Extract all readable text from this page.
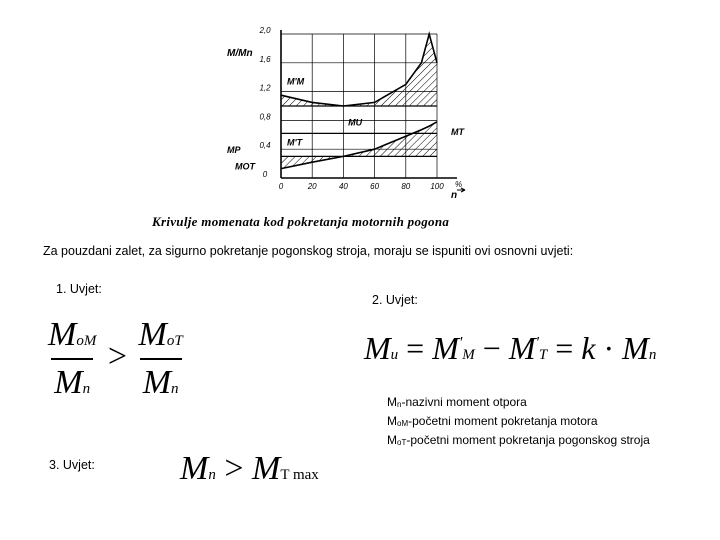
2,0
1,6
1,2
0,8
0,4
0
0	20	40	60	80	100 %
n
M/Mn
M'M
M'T
MU
MT
MP
MOT
Krivulje momenata kod pokretanja motornih pogona
Za pouzdani zalet, za sigurno pokretanje pogonskog stroja, moraju se ispuniti ovi osnovni uvjeti:
1. Uvjet:
2. Uvjet:
3. Uvjet:
$\frac{\text{MoM}}{Mn} > \frac{\text{MoT}}{Mn}$	Mu = M'M − M'T = k · Mn
Mn > MT max
Mn-nazivni moment otpora
MoM-početni moment pokretanja motora
MoT-početni moment pokretanja pogonskog stroja
